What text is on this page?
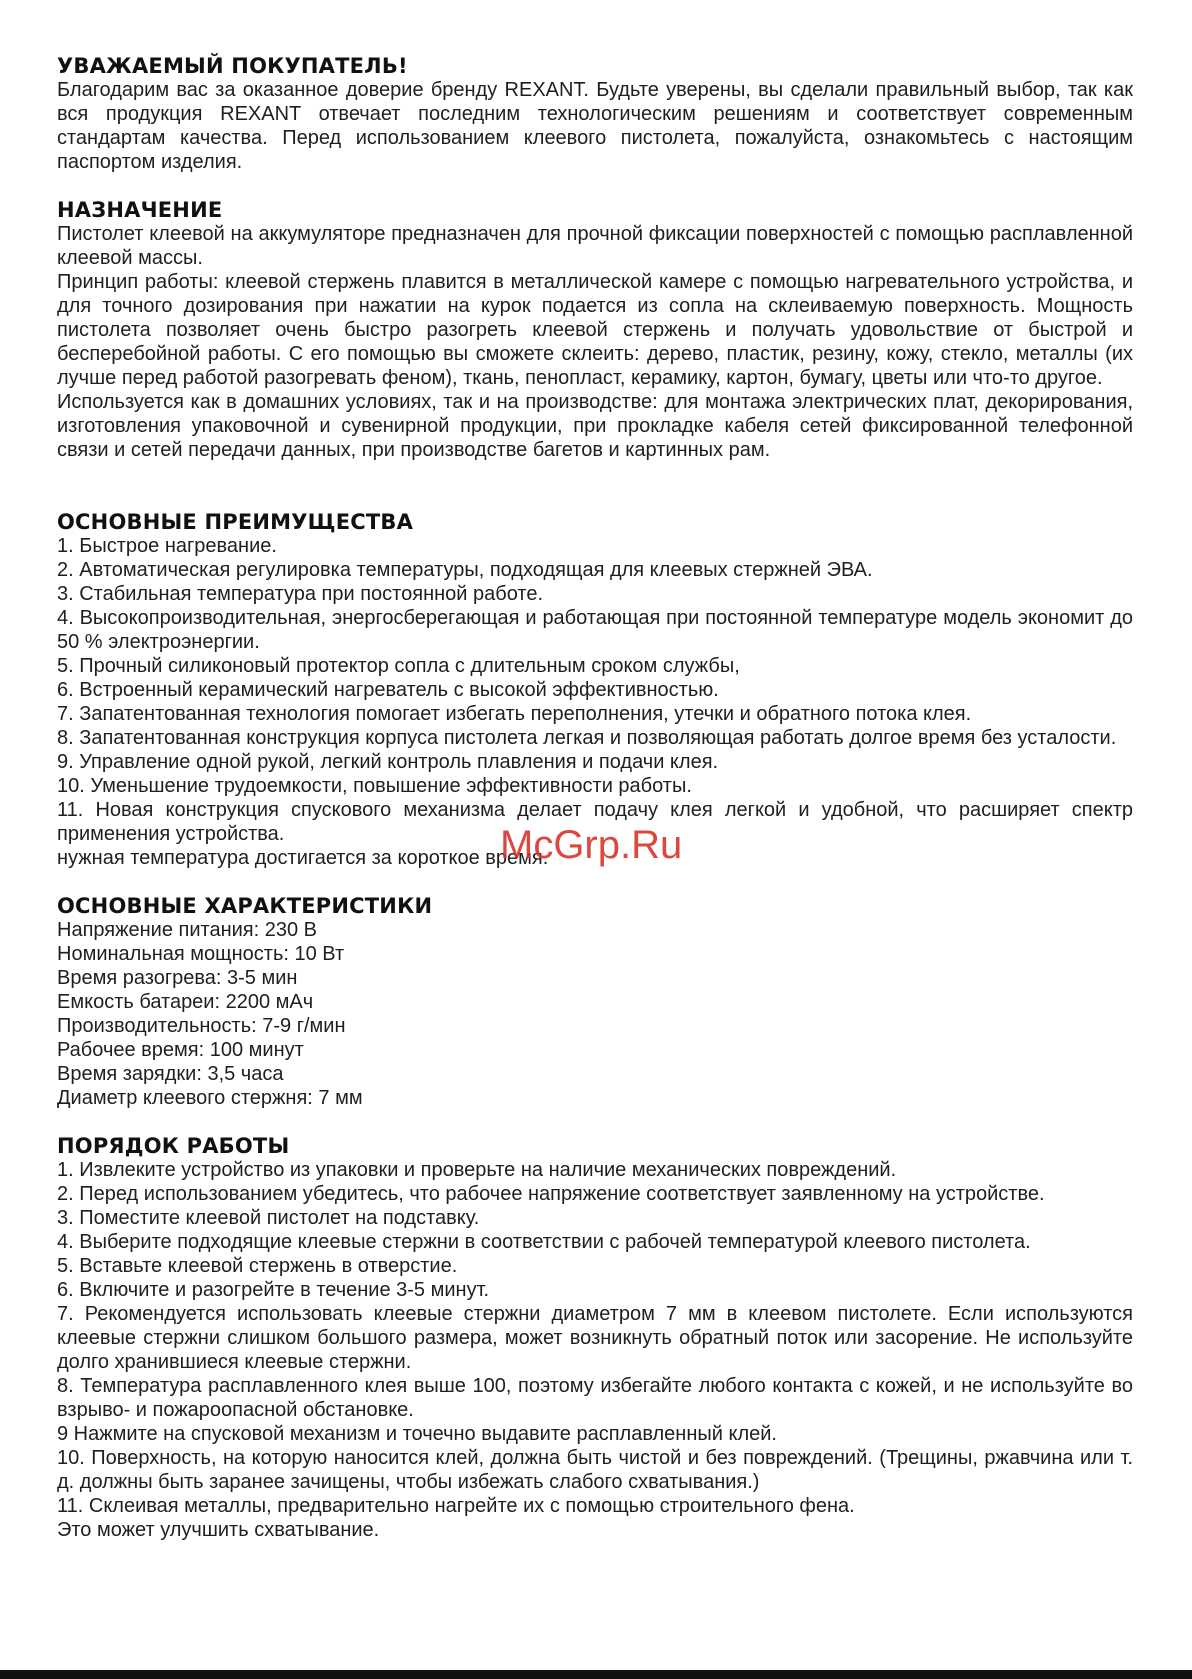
УВАЖАЕМЫЙ ПОКУПАТЕЛЬ!

Благодарим вас за оказанное доверие бренду REXANT. Будьте уверены, вы сделали правильный выбор, так как вся продукция REXANT отвечает последним технологическим решениям и соответствует современным стандартам качества. Перед использованием клеевого пистолета, пожалуйста, ознакомьтесь с настоящим паспортом изделия.

НАЗНАЧЕНИЕ

Пистолет клеевой на аккумуляторе предназначен для прочной фиксации поверхностей с помощью расплавленной клеевой массы.

Принцип работы: клеевой стержень плавится в металлической камере с помощью нагревательного устройства, и для точного дозирования при нажатии на курок подается из сопла на склеиваемую поверхность. Мощность пистолета позволяет очень быстро разогреть клеевой стержень и получать удовольствие от быстрой и бесперебойной работы. С его помощью вы сможете склеить: дерево, пластик, резину, кожу, стекло, металлы (их лучше перед работой разогревать феном), ткань, пенопласт, керамику, картон, бумагу, цветы или что-то другое.

Используется как в домашних условиях, так и на производстве: для монтажа электрических плат, декорирования, изготовления упаковочной и сувенирной продукции, при прокладке кабеля сетей фиксированной телефонной связи и сетей передачи данных, при производстве багетов и картинных рам.

ОСНОВНЫЕ ПРЕИМУЩЕСТВА

1. Быстрое нагревание.

2. Автоматическая регулировка температуры, подходящая для клеевых стержней ЭВА.

3. Стабильная температура при постоянной работе.

4. Высокопроизводительная, энергосберегающая и работающая при постоянной температуре модель экономит до 50 % электроэнергии.

5. Прочный силиконовый протектор сопла с длительным сроком службы,

6. Встроенный керамический нагреватель с высокой эффективностью.

7. Запатентованная технология помогает избегать переполнения, утечки и обратного потока клея.

8. Запатентованная конструкция корпуса пистолета легкая и позволяющая работать долгое время без усталости.

9. Управление одной рукой, легкий контроль плавления и подачи клея.

10. Уменьшение трудоемкости, повышение эффективности работы.

11. Новая конструкция спускового механизма делает подачу клея легкой и удобной, что расширяет спектр применения устройства.

нужная температура достигается за короткое время.

ОСНОВНЫЕ ХАРАКТЕРИСТИКИ
Напряжение питания: 230 В
Номинальная мощность: 10 Вт
Время разогрева: 3-5 мин
Емкость батареи: 2200 мАч
Производительность: 7-9 г/мин
Рабочее время: 100 минут
Время зарядки: 3,5 часа
Диаметр клеевого стержня: 7 мм
ПОРЯДОК РАБОТЫ

1. Извлеките устройство из упаковки и проверьте на наличие механических повреждений.

2. Перед использованием убедитесь, что рабочее напряжение соответствует заявленному на устройстве.

3. Поместите клеевой пистолет на подставку.

4. Выберите подходящие клеевые стержни в соответствии с рабочей температурой клеевого пистолета.

5. Вставьте клеевой стержень в отверстие.

6. Включите и разогрейте в течение 3-5 минут.

7. Рекомендуется использовать клеевые стержни диаметром 7 мм в клеевом пистолете. Если используются клеевые стержни слишком большого размера, может возникнуть обратный поток или засорение. Не используйте долго хранившиеся клеевые стержни.

8. Температура расплавленного клея выше 100, поэтому избегайте любого контакта с кожей, и не используйте во взрыво- и пожароопасной обстановке.

9 Нажмите на спусковой механизм и точечно выдавите расплавленный клей.

10. Поверхность, на которую наносится клей, должна быть чистой и без повреждений. (Трещины, ржавчина или т. д. должны быть заранее зачищены, чтобы избежать слабого схватывания.)

11. Склеивая металлы, предварительно нагрейте их с помощью строительного фена.

Это может улучшить схватывание.

McGrp.Ru
